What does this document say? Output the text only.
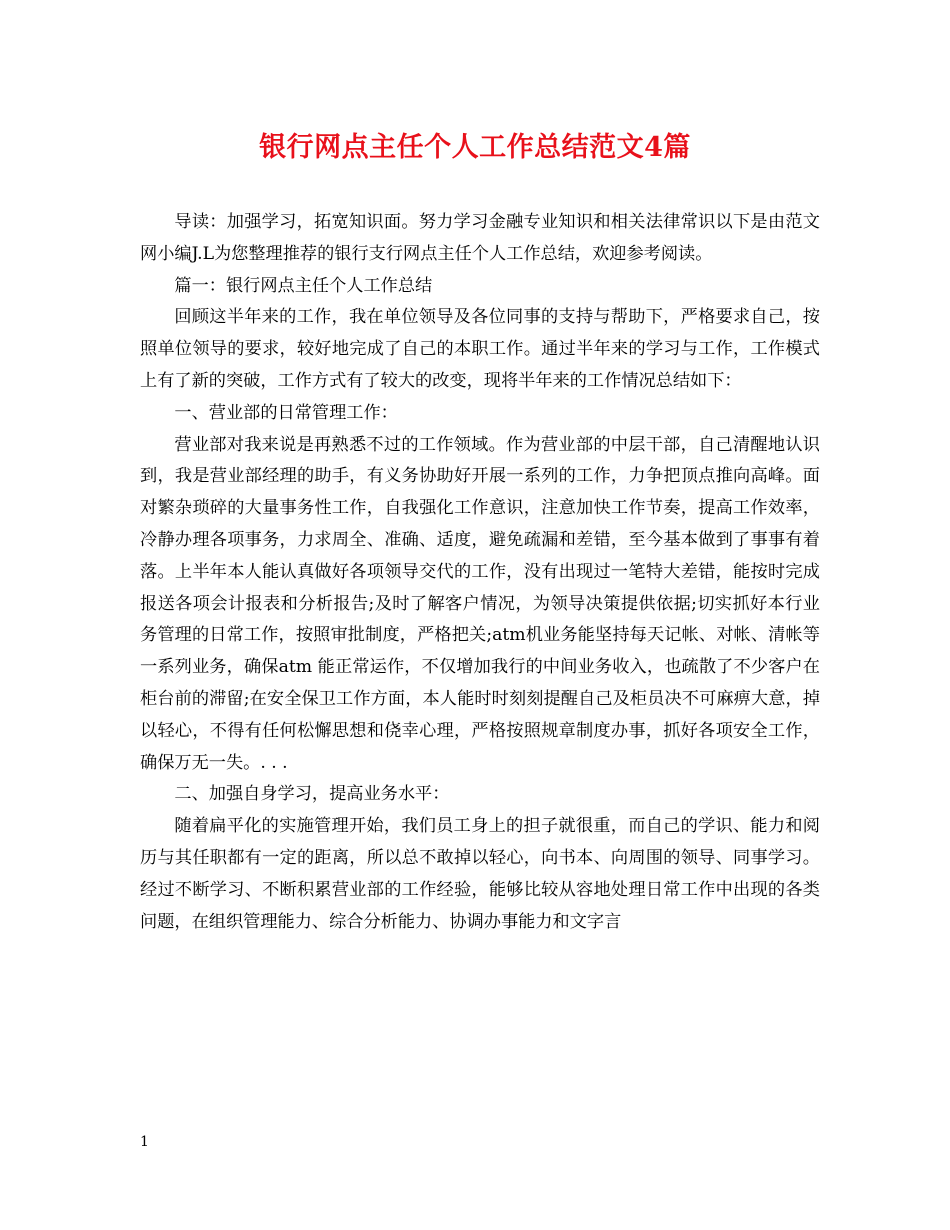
银行网点主任个人工作总结范文4篇

导读：加强学习，拓宽知识面。努力学习金融专业知识和相关法律常识以下是由范文网小编J.L为您整理推荐的银行支行网点主任个人工作总结，欢迎参考阅读。

篇一：银行网点主任个人工作总结

回顾这半年来的工作，我在单位领导及各位同事的支持与帮助下，严格要求自己，按照单位领导的要求，较好地完成了自己的本职工作。通过半年来的学习与工作，工作模式上有了新的突破，工作方式有了较大的改变，现将半年来的工作情况总结如下：

一、营业部的日常管理工作：

营业部对我来说是再熟悉不过的工作领域。作为营业部的中层干部，自己清醒地认识到，我是营业部经理的助手，有义务协助好开展一系列的工作，力争把顶点推向高峰。面对繁杂琐碎的大量事务性工作，自我强化工作意识，注意加快工作节奏，提高工作效率，冷静办理各项事务，力求周全、准确、适度，避免疏漏和差错，至今基本做到了事事有着落。上半年本人能认真做好各项领导交代的工作，没有出现过一笔特大差错，能按时完成报送各项会计报表和分析报告;及时了解客户情况，为领导决策提供依据;切实抓好本行业务管理的日常工作，按照审批制度，严格把关;atm机业务能坚持每天记帐、对帐、清帐等一系列业务，确保atm 能正常运作，不仅增加我行的中间业务收入，也疏散了不少客户在柜台前的滞留;在安全保卫工作方面，本人能时时刻刻提醒自己及柜员决不可麻痹大意，掉以轻心，不得有任何松懈思想和侥幸心理，严格按照规章制度办事，抓好各项安全工作，确保万无一失。. . .

二、加强自身学习，提高业务水平：

随着扁平化的实施管理开始，我们员工身上的担子就很重，而自己的学识、能力和阅历与其任职都有一定的距离，所以总不敢掉以轻心，向书本、向周围的领导、同事学习。经过不断学习、不断积累营业部的工作经验，能够比较从容地处理日常工作中出现的各类问题，在组织管理能力、综合分析能力、协调办事能力和文字言

1
